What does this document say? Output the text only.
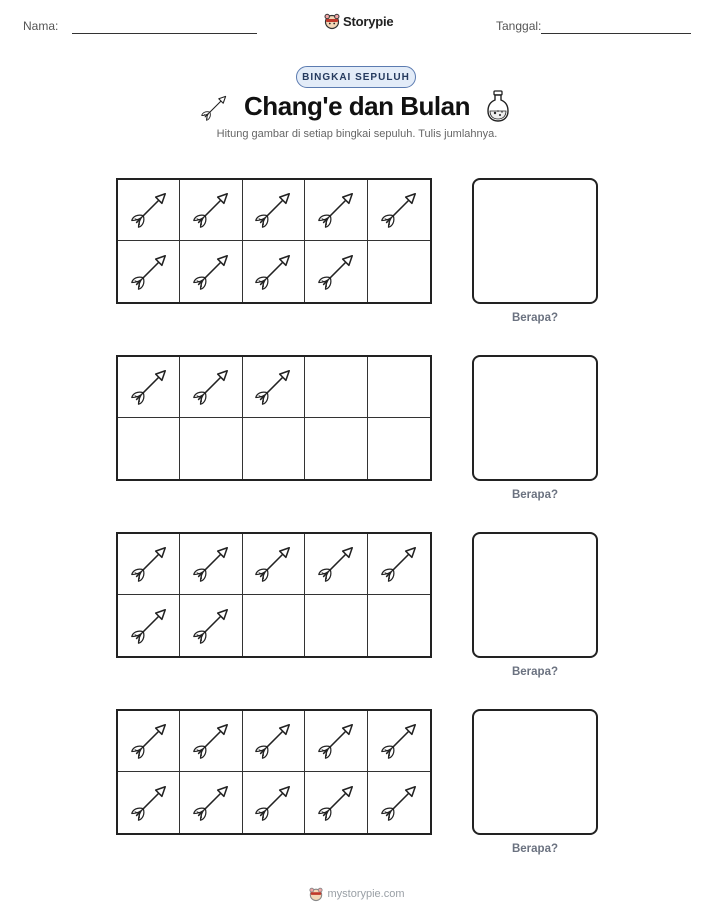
Nama:	Storypie	Tanggal:
BINGKAI SEPULUH
Chang'e dan Bulan
Hitung gambar di setiap bingkai sepuluh. Tulis jumlahnya.
Berapa?
Berapa?
Berapa?
Berapa?
mystorypie.com
